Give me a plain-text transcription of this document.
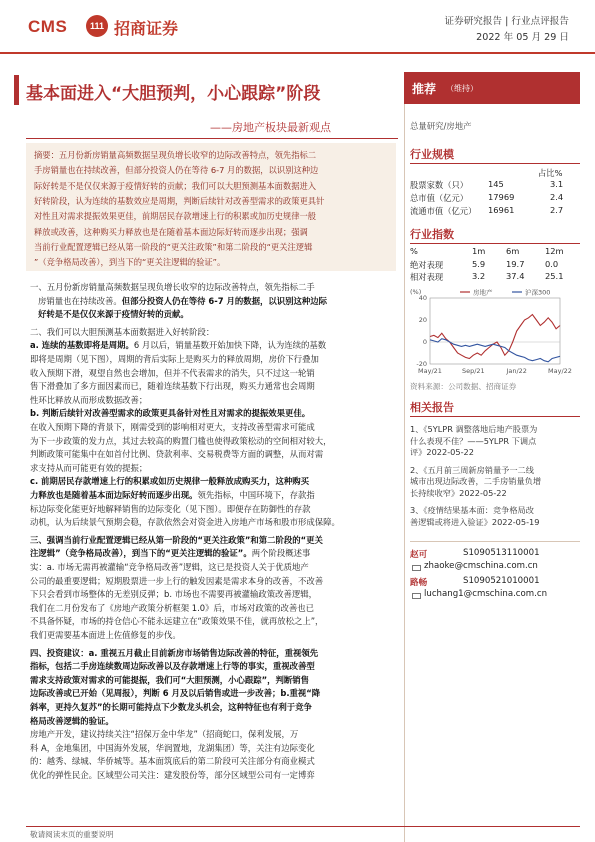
CMS	111 招商证券	证券研究报告 | 行业点评报告
2022 年 05 月 29 日
基本面进入“大胆预判，小心跟踪”阶段
——房地产板块最新观点
摘要：五月份新房销量高频数据呈现负增长收窄的边际改善特点，领先指标二
手房销量也在持续改善，但部分投资人仍在等待 6-7 月的数据，以识别这种边
际好转是不是仅仅来源于疫情好转的贡献；我们可以大胆预测基本面数据进入
好转阶段，认为连续的基数效应是周期，判断后续针对改善型需求的政策更具针
对性且对需求提振效果更佳，前期居民存款增速上行的积累或加历史规律一般
释放或改善，这种购买力释放也是在随着基本面边际好转而逐步出现；强调
当前行业配置逻辑已经从第一阶段的“更关注政策”和第二阶段的“更关注逻辑
”（竞争格局改善），到当下的“更关注逻辑的验证”。
一、五月份新房销量高频数据呈现负增长收窄的边际改善特点，领先指标二手
房销量也在持续改善。但部分投资人仍在等待 6-7 月的数据，以识别这种边际
好转是不是仅仅来源于疫情好转的贡献。
二、我们可以大胆预测基本面数据进入好转阶段：
a. 连续的基数即将是周期。6 月以后，销量基数开始加快下降，认为连续的基数
即将是周期（见下图），周期的背后实际上是购买力的释放周期，房价下行叠加
收入预期下滑，观望自然也会增加，但并不代表需求的消失，只不过这一轮销
售下滑叠加了多方面因素而已，随着连续基数下行出现，购买力通常也会周期
性环比释放从而形成数据改善；
b. 判断后续针对改善型需求的政策更具备针对性且对需求的提振效果更佳。
在收入预期下降的背景下，刚需受到的影响相对更大，支持改善型需求可能成
为下一步政策的发力点，其过去较高的购置门槛也使得政策松动的空间相对较大，
判断政策可能集中在如首付比例、贷款利率、交易税费等方面的调整，从而对需
求支持从而可能更有效的提振；
c. 前期居民存款增速上行的积累或如历史规律一般释放成购买力，这种购买
力释放也是随着基本面边际好转而逐步出现。领先指标，中国环境下，存款指
标边际变化能更好地解释销售的边际变化（见下图）。即便存在防御性的存款
动机，认为后续景气预期会稳，存款依然会对资金进入房地产市场和股市形成保障。
三、强调当前行业配置逻辑已经从第一阶段的“更关注政策”和第二阶段的“更关
注逻辑”（竞争格局改善），到当下的“更关注逻辑的验证”。两个阶段概述事
实：a. 市场无需再被灌输“竞争格局改善”逻辑，这已是投资人关于优质地产
公司的最重要逻辑；短期股票进一步上行的触发因素是需求本身的改善，不改善
下只会看到市场整体的无差别反弹；b. 市场也不需要再被灌输政策改善逻辑，
我们在二月份发布了《房地产政策分析框架 1.0》后，市场对政策的改善也已
不具备怀疑，市场的持仓信心不能永远建立在“政策效果不佳，就再放松之上”，
我们更需要基本面进上佐值修复的步伐。
四、投资建议：a. 重视五月截止目前新房市场销售边际改善的特征，重视领先
指标，包括二手房连续数周边际改善以及存款增速上行等的事实，重视改善型
需求支持政策对需求的可能提振，我们可“大胆预测，小心跟踪”，判断销售
边际改善或已开始（见周报），判断 6 月及以后销售或进一步改善；b.重视“降
斜率，更持久复苏”的长期可能持点下少数龙头机会，这种特征也有利于竞争
格局改善逻辑的验证。
房地产开发，建议持续关注“招保万金中华龙”（招商蛇口，保利发展，万
科 A，金地集团，中国海外发展，华润置地，龙湖集团）等，关注有边际变化
的：越秀、绿城、华侨城等。基本面筑底后的第二阶段可关注部分有商业模式
优化的弹性民企。区域型公司关注：建发股份等，部分区域型公司有一定博弈
推荐 （维持）
总量研究/房地产
行业规模
占比%
股票家数（只） 145	3.1
总市值（亿元） 17969	2.4
流通市值（亿元） 16961	2.7
行业指数
%	1m 6m	12m
绝对表现	5.9	19.7 0.0
相对表现	3.2	37.4 25.1
(%)
40
20
0
-20
May/21	Sep/21	Jan/22	May/22
房地产	沪深300
资料来源：公司数据、招商证券
相关报告
1、《5YLPR 调整落地后地产股票为
什么表现不佳？——5YLPR 下调点
评》2022-05-22
2、《五月前三周新房销量予一二线
城市出现边际改善，二手房销量负增
长持续收窄》2022-05-22
3、《疫情结果基本面：竞争格局改
善逻辑或将进入验证》2022-05-19
赵可	S1090513110001
zhaoke@cmschina.com.cn
路畅	S1090521010001
luchang1@cmschina.com.cn
敬请阅读末页的重要说明
